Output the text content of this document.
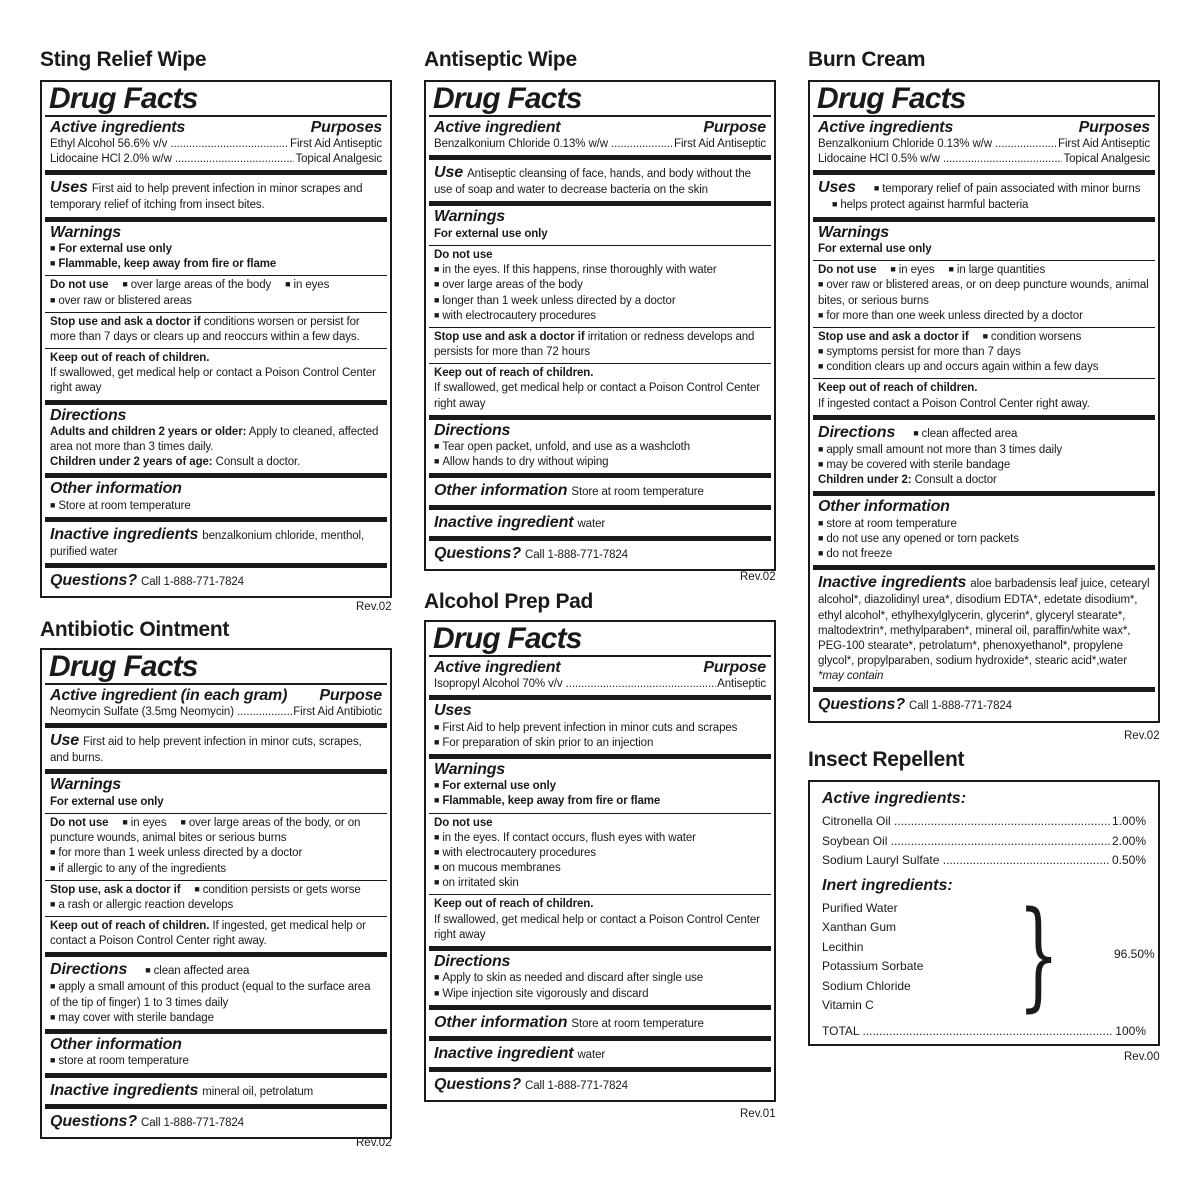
Sting Relief Wipe
Drug Facts
Active ingredients	Purposes
Ethyl Alcohol 56.6% v/v .....	First Aid Antiseptic
Lidocaine HCl 2.0% w/w .....	Topical Analgesic
Uses First aid to help prevent infection in minor scrapes and temporary relief of itching from insect bites.
Warnings
■ For external use only
■ Flammable, keep away from fire or flame
Do not use ■ over large areas of the body ■ in eyes
■ over raw or blistered areas
Stop use and ask a doctor if conditions worsen or persist for more than 7 days or clears up and reoccurs within a few days.
Keep out of reach of children.
If swallowed, get medical help or contact a Poison Control Center right away
Directions
Adults and children 2 years or older: Apply to cleaned, affected area not more than 3 times daily.
Children under 2 years of age: Consult a doctor.
Other information
■ Store at room temperature
Inactive ingredients benzalkonium chloride, menthol, purified water
Questions? Call 1-888-771-7824
Rev.02
Antibiotic Ointment
Drug Facts
Active ingredient (in each gram) Purpose
Neomycin Sulfate (3.5mg Neomycin) .....	First Aid Antibiotic
Use First aid to help prevent infection in minor cuts, scrapes, and burns.
Warnings
For external use only
Do not use ■ in eyes ■ over large areas of the body, or on puncture wounds, animal bites or serious burns
■ for more than 1 week unless directed by a doctor
■ if allergic to any of the ingredients
Stop use, ask a doctor if ■ condition persists or gets worse
■ a rash or allergic reaction develops
Keep out of reach of children. If ingested, get medical help or contact a Poison Control Center right away.
Directions ■ clean affected area
■ apply a small amount of this product (equal to the surface area of the tip of finger) 1 to 3 times daily
■ may cover with sterile bandage
Other information
■ store at room temperature
Inactive ingredients mineral oil, petrolatum
Questions? Call 1-888-771-7824
Rev.02
Antiseptic Wipe
Drug Facts
Active ingredient	Purpose
Benzalkonium Chloride 0.13% w/w .....	First Aid Antiseptic
Use Antiseptic cleansing of face, hands, and body without the use of soap and water to decrease bacteria on the skin
Warnings
For external use only
Do not use
■ in the eyes. If this happens, rinse thoroughly with water
■ over large areas of the body
■ longer than 1 week unless directed by a doctor
■ with electrocautery procedures
Stop use and ask a doctor if irritation or redness develops and persists for more than 72 hours
Keep out of reach of children.
If swallowed, get medical help or contact a Poison Control Center right away
Directions
■ Tear open packet, unfold, and use as a washcloth
■ Allow hands to dry without wiping
Other information Store at room temperature
Inactive ingredient water
Questions? Call 1-888-771-7824
Rev.02
Alcohol Prep Pad
Drug Facts
Active ingredient	Purpose
Isopropyl Alcohol 70% v/v .....	Antiseptic
Uses
■ First Aid to help prevent infection in minor cuts and scrapes
■ For preparation of skin prior to an injection
Warnings
■ For external use only
■ Flammable, keep away from fire or flame
Do not use
■ in the eyes. If contact occurs, flush eyes with water
■ with electrocautery procedures
■ on mucous membranes
■ on irritated skin
Keep out of reach of children.
If swallowed, get medical help or contact a Poison Control Center right away
Directions
■ Apply to skin as needed and discard after single use
■ Wipe injection site vigorously and discard
Other information Store at room temperature
Inactive ingredient water
Questions? Call 1-888-771-7824
Rev.01
Burn Cream
Drug Facts
Active ingredients	Purposes
Benzalkonium Chloride 0.13% w/w .....	First Aid Antiseptic
Lidocaine HCl 0.5% w/w .....	Topical Analgesic
Uses ■ temporary relief of pain associated with minor burns■ helps protect against harmful bacteria
Warnings
For external use only
Do not use ■ in eyes ■ in large quantities
■ over raw or blistered areas, or on deep puncture wounds, animal bites, or serious burns
■ for more than one week unless directed by a doctor
Stop use and ask a doctor if ■ condition worsens
■ symptoms persist for more than 7 days
■ condition clears up and occurs again within a few days
Keep out of reach of children.
If ingested contact a Poison Control Center right away.
Directions ■ clean affected area
■ apply small amount not more than 3 times daily
■ may be covered with sterile bandage
Children under 2: Consult a doctor
Other information
■ store at room temperature
■ do not use any opened or torn packets
■ do not freeze
Inactive ingredients aloe barbadensis leaf juice, cetearyl alcohol*, diazolidinyl urea*, disodium EDTA*, edetate disodium*, ethyl alcohol*, ethylhexylglycerin, glycerin*, glyceryl stearate*, maltodextrin*, methylparaben*, mineral oil, paraffin/white wax*, PEG-100 stearate*, petrolatum*, phenoxyethanol*, propylene glycol*, propylparaben, sodium hydroxide*, stearic acid*,water
*may contain
Questions? Call 1-888-771-7824
Rev.02
Insect Repellent
Active ingredients:
Citronella Oil .....	1.00%
Soybean Oil .....	2.00%
Sodium Lauryl Sulfate .....	0.50%
Inert ingredients:
Purified Water
Xanthan Gum
Lecithin
Potassium Sorbate
Sodium Chloride
Vitamin C	}	96.50%
TOTAL .....	100%
Rev.00
